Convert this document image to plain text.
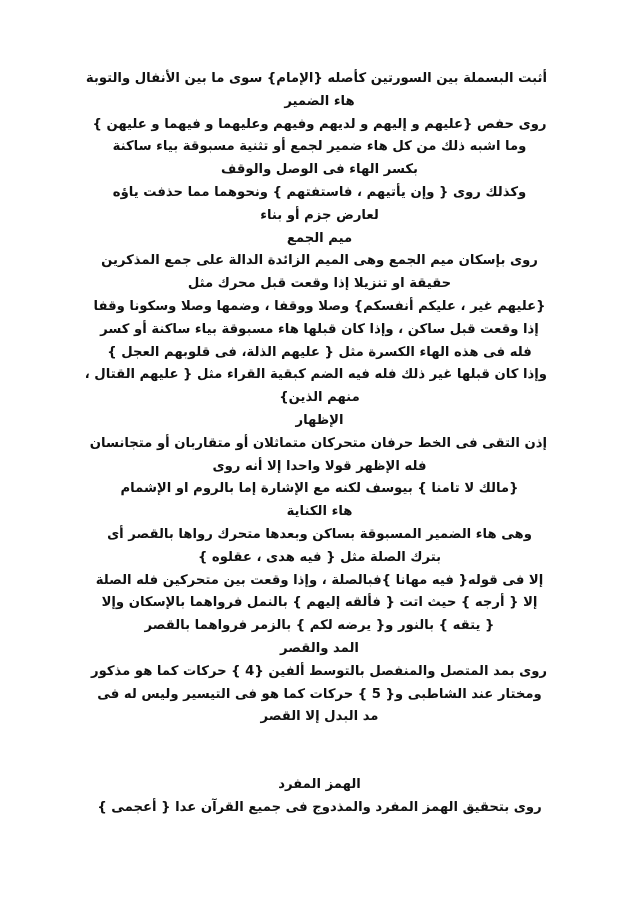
أثبت البسملة بين السورتين كأصله {الإمام} سوى ما بين الأنفال والتوبة
هاء الضمير
روى حفص {عليهم و إليهم و لديهم وفيهم وعليهما و فيهما و عليهن }
وما اشبه ذلك من كل هاء ضمير لجمع أو تثنية مسبوقة بياء ساكنة
بكسر الهاء فى الوصل والوقف
وكذلك روى { وإن يأتيهم ، فاستفتهم } ونحوهما مما حذفت ياؤه
لعارض جزم أو بناء
ميم الجمع
روى بإسكان ميم الجمع وهى الميم الزائدة الدالة على جمع المذكرين
حقيقة او تنزيلا إذا وقعت قبل محرك مثل
{عليهم غير ، عليكم أنفسكم} وصلا ووقفا ، وضمها وصلا وسكونا وقفا
إذا وقعت قبل ساكن ، وإذا كان قبلها هاء مسبوقة بياء ساكنة أو كسر
فله فى هذه الهاء الكسرة مثل { عليهم الذلة، فى قلوبهم العجل }
وإذا كان قبلها غير ذلك فله فيه الضم كبقية القراء مثل { عليهم القتال ،
منهم الذين}
الإظهار
إذن التقى فى الخط حرفان متحركان متماثلان أو متقاربان أو متجانسان
فله الإظهر قولا واحدا إلا أنه روى
{مالك لا تامنا } بيوسف لكنه مع الإشارة إما بالروم او الإشمام
هاء الكناية
وهى هاء الضمير المسبوقة بساكن وبعدها متحرك رواها بالقصر أى
بترك الصلة مثل { فيه هدى ، عقلوه }
إلا فى قوله{ فيه مهانا }فبالصلة ، وإذا وقعت بين متحركين فله الصلة
إلا { أرجه } حيث اتت { فألقه إليهم } بالنمل فرواهما بالإسكان وإلا
{ يتقه } بالنور و{ يرضه لكم } بالزمر فرواهما بالقصر
المد والقصر
روى بمد المتصل والمنفصل بالتوسط ألفين {4 } حركات كما هو مذكور
ومختار عند الشاطبى و{ 5 } حركات كما هو فى التيسير وليس له فى
مد البدل إلا القصر
الهمز المفرد
روى بتحقيق الهمز المفرد والمذدوج فى جميع القرآن عدا { أعجمى }
